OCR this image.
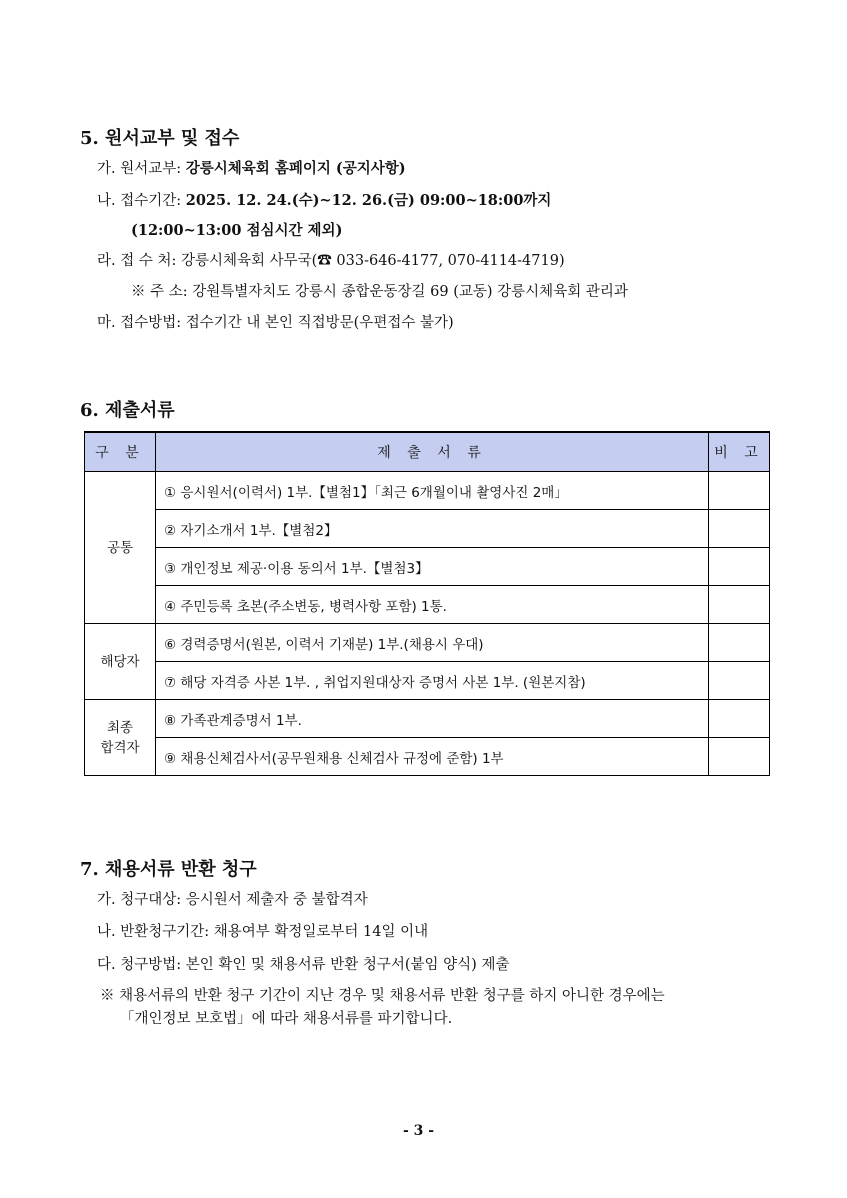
5. 원서교부 및 접수
가. 원서교부: 강릉시체육회 홈페이지 (공지사항)
나. 접수기간: 2025. 12. 24.(수)~12. 26.(금) 09:00~18:00까지
(12:00~13:00 점심시간 제외)
라. 접 수 처: 강릉시체육회 사무국(☎ 033-646-4177, 070-4114-4719)
※ 주 소: 강원특별자치도 강릉시 종합운동장길 69 (교동) 강릉시체육회 관리과
마. 접수방법: 접수기간 내 본인 직접방문(우편접수 불가)
6. 제출서류
구 분	제 출 서 류	비 고
공통	① 응시원서(이력서) 1부.【별첨1】「최근 6개월이내 촬영사진 2매」	
	② 자기소개서 1부.【별첨2】	
	③ 개인정보 제공·이용 동의서 1부.【별첨3】	
	④ 주민등록 초본(주소변동, 병력사항 포함) 1통.	
해당자	⑥ 경력증명서(원본, 이력서 기재분) 1부.(채용시 우대)	
	⑦ 해당 자격증 사본 1부. , 취업지원대상자 증명서 사본 1부. (원본지참)	

최종
합격자	⑧ 가족관계증명서 1부.	
	⑨ 채용신체검사서(공무원채용 신체검사 규정에 준함) 1부	
7. 채용서류 반환 청구
가. 청구대상: 응시원서 제출자 중 불합격자
나. 반환청구기간: 채용여부 확정일로부터 14일 이내
다. 청구방법: 본인 확인 및 채용서류 반환 청구서(붙임 양식) 제출
※ 채용서류의 반환 청구 기간이 지난 경우 및 채용서류 반환 청구를 하지 아니한 경우에는
「개인정보 보호법」에 따라 채용서류를 파기합니다.
- 3 -
